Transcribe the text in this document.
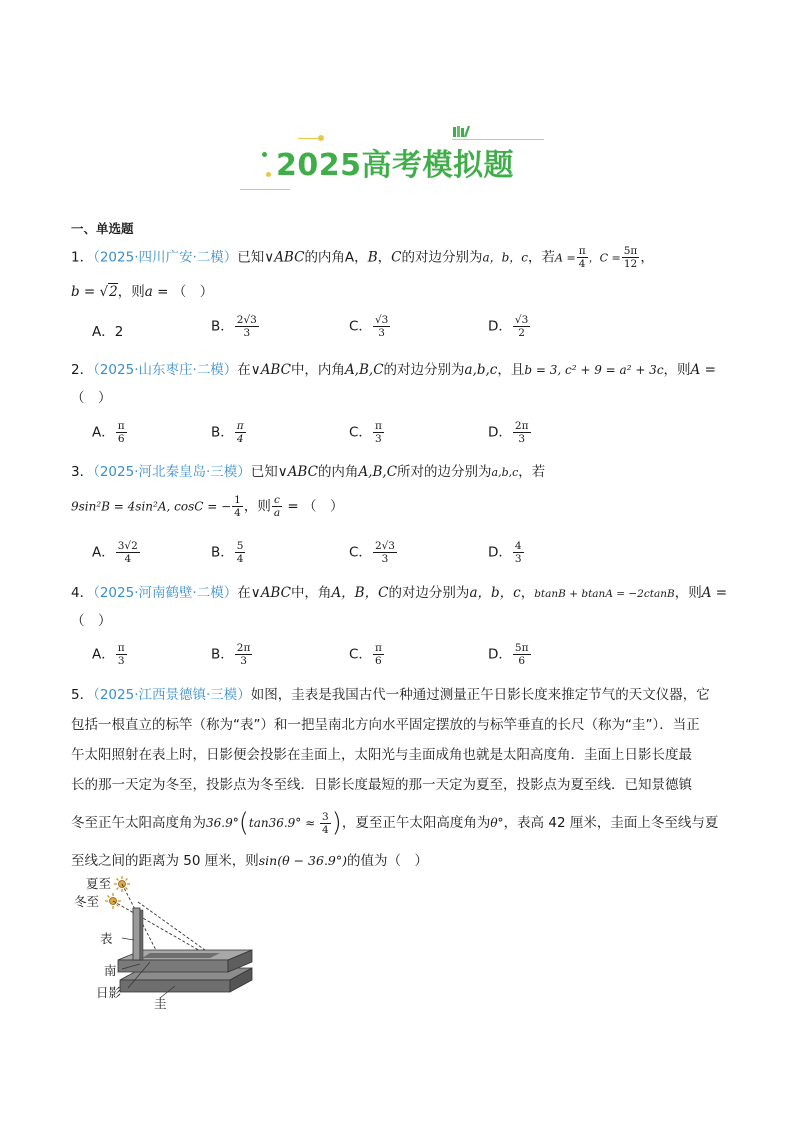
2025高考模拟题
一、单选题
1．（2025·四川广安·二模）已知∨ABC的内角A，B，C的对边分别为a，b，c，若$A = \frac{\pi}{4}$ ，$C = \frac{5\pi}{12}$ ，
b = √2，则a = （　）
A．2	B． $\frac{2√3}{3}$	C． $\frac{√3}{3}$	D． $\frac{√3}{2}$
2．（2025·山东枣庄·二模）在∨ABC中，内角A,B,C的对边分别为a,b,c，且b = 3, c² + 9 = a² + 3c，则A =
（　）
A． $\frac{\pi}{6}$	B． $\frac{\pi}{4}$	C． $\frac{\pi}{3}$	D． $\frac{2\pi}{3}$
3．（2025·河北秦皇岛·三模）已知∨ABC的内角A,B,C所对的边分别为a,b,c，若
9sin²B = 4sin²A, cosC = − $\frac{1}{4}$ ，则 $\frac{c}{a}$ = （　）
A． $\frac{3√2}{4}$	B． $\frac{5}{4}$	C． $\frac{2√3}{3}$	D． $\frac{4}{3}$
4．（2025·河南鹤壁·二模）在∨ABC中，角A，B，C的对边分别为a，b，c，btanB + btanA = −2ctanB，则A =
（　）
A． $\frac{\pi}{3}$	B． $\frac{2\pi}{3}$	C． $\frac{\pi}{6}$	D． $\frac{5\pi}{6}$
5．（2025·江西景德镇·三模）如图，圭表是我国古代一种通过测量正午日影长度来推定节气的天文仪器，它
包括一根直立的标竿（称为“表”）和一把呈南北方向水平固定摆放的与标竿垂直的长尺（称为“圭”）．当正
午太阳照射在表上时，日影便会投影在圭面上，太阳光与圭面成角也就是太阳高度角．圭面上日影长度最
长的那一天定为冬至，投影点为冬至线．日影长度最短的那一天定为夏至，投影点为夏至线．已知景德镇
冬至正午太阳高度角为$36.9^\circ(\tan 36.9^\circ \approx \frac{3}{4}$ )，夏至正午太阳高度角为θ°，表高 42 厘米，圭面上冬至线与夏
至线之间的距离为 50 厘米，则sin(θ − 36.9°)的值为（　）
夏至
冬至
表
南
日影
圭
